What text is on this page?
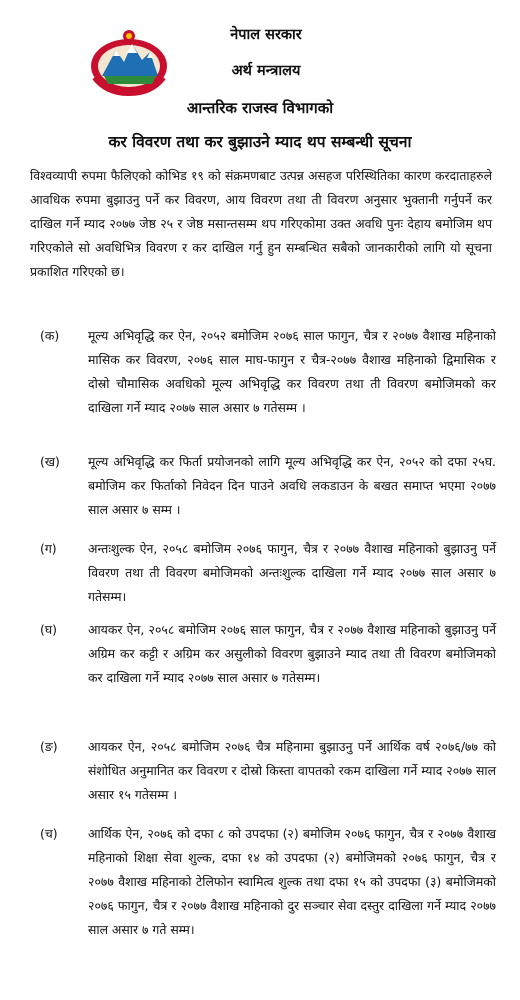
नेपाल सरकार
अर्थ मन्त्रालय
आन्तरिक राजस्व विभागको
कर विवरण तथा कर बुझाउने म्याद थप सम्बन्धी सूचना
विश्वव्यापी रुपमा फैलिएको कोभिड १९ को संक्रमणबाट उत्पन्न असहज परिस्थितिका कारण करदाताहरुले आवधिक रुपमा बुझाउनु पर्ने कर विवरण, आय विवरण तथा ती विवरण अनुसार भुक्तानी गर्नुपर्ने कर दाखिल गर्ने म्याद २०७७ जेष्ठ २५ र जेष्ठ मसान्तसम्म थप गरिएकोमा उक्त अवधि पुनः देहाय बमोजिम थप गरिएकोले सो अवधिभित्र विवरण र कर दाखिल गर्नु हुन सम्बन्धित सबैको जानकारीको लागि यो सूचना प्रकाशित गरिएको छ।
(क)	मूल्य अभिवृद्धि कर ऐन, २०५२ बमोजिम २०७६ साल फागुन, चैत्र र २०७७ वैशाख महिनाको मासिक कर विवरण, २०७६ साल माघ-फागुन र चैत्र-२०७७ वैशाख महिनाको द्विमासिक र दोस्रो चौमासिक अवधिको मूल्य अभिवृद्धि कर विवरण तथा ती विवरण बमोजिमको कर दाखिला गर्ने म्याद २०७७ साल असार ७ गतेसम्म ।
(ख)	मूल्य अभिवृद्धि कर फिर्ता प्रयोजनको लागि मूल्य अभिवृद्धि कर ऐन, २०५२ को दफा २५घ. बमोजिम कर फिर्ताको निवेदन दिन पाउने अवधि लकडाउन के बखत समाप्त भएमा २०७७ साल असार ७ सम्म ।
(ग)	अन्तःशुल्क ऐन, २०५८ बमोजिम २०७६ फागुन, चैत्र र २०७७ वैशाख महिनाको बुझाउनु पर्ने विवरण तथा ती विवरण बमोजिमको अन्तःशुल्क दाखिला गर्ने म्याद २०७७ साल असार ७ गतेसम्म।
(घ)	आयकर ऐन, २०५८ बमोजिम २०७६ साल फागुन, चैत्र र २०७७ वैशाख महिनाको बुझाउनु पर्ने अग्रिम कर कट्टी र अग्रिम कर असुलीको विवरण बुझाउने म्याद तथा ती विवरण बमोजिमको कर दाखिला गर्ने म्याद २०७७ साल असार ७ गतेसम्म।
(ङ)	आयकर ऐन, २०५८ बमोजिम २०७६ चैत्र महिनामा बुझाउनु पर्ने आर्थिक वर्ष २०७६/७७ को संशोधित अनुमानित कर विवरण र दोस्रो किस्ता वापतको रकम दाखिला गर्ने म्याद २०७७ साल असार १५ गतेसम्म ।
(च)	आर्थिक ऐन, २०७६ को दफा ८ को उपदफा (२) बमोजिम २०७६ फागुन, चैत्र र २०७७ वैशाख महिनाको शिक्षा सेवा शुल्क, दफा १४ को उपदफा (२) बमोजिमको २०७६ फागुन, चैत्र र २०७७ वैशाख महिनाको टेलिफोन स्वामित्व शुल्क तथा दफा १५ को उपदफा (३) बमोजिमको २०७६ फागुन, चैत्र र २०७७ वैशाख महिनाको दुर सञ्चार सेवा दस्तुर दाखिला गर्ने म्याद २०७७ साल असार ७ गते सम्म।
